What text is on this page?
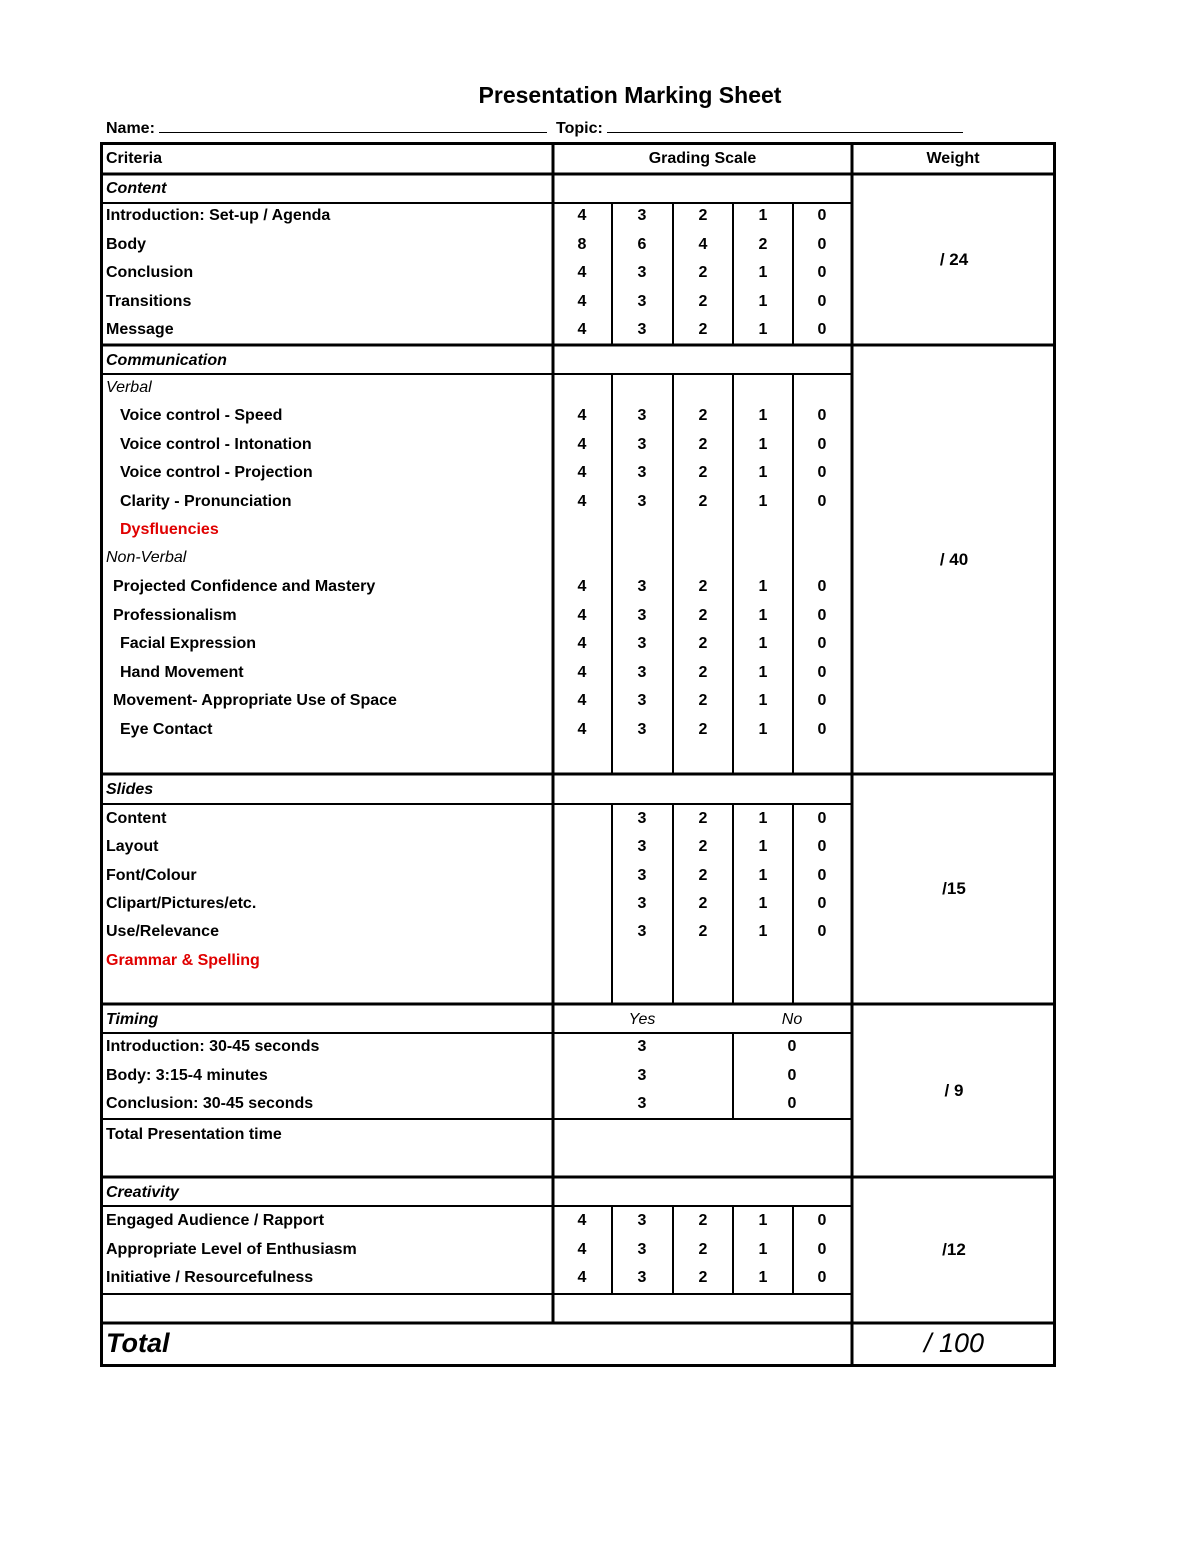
Presentation Marking Sheet
Name:	Topic:
Criteria	Grading Scale	Weight
Content
Introduction: Set-up / Agenda	4	3	2	1	0
Body	8	6	4	2	0
Conclusion	4	3	2	1	0
Transitions	4	3	2	1	0
Message	4	3	2	1	0
/ 24
Communication
Verbal
Voice control - Speed	4	3	2	1	0
Voice control - Intonation	4	3	2	1	0
Voice control - Projection	4	3	2	1	0
Clarity - Pronunciation	4	3	2	1	0
Dysfluencies
Non-Verbal
Projected Confidence and Mastery	4	3	2	1	0
Professionalism	4	3	2	1	0
Facial Expression	4	3	2	1	0
Hand Movement	4	3	2	1	0
Movement- Appropriate Use of Space	4	3	2	1	0
Eye Contact	4	3	2	1	0
/ 40
Slides
Content	3	2	1	0
Layout	3	2	1	0
Font/Colour	3	2	1	0
Clipart/Pictures/etc.	3	2	1	0
Use/Relevance	3	2	1	0
Grammar & Spelling
/15
Timing	Yes	No
Introduction: 30-45 seconds	3	0
Body: 3:15-4 minutes	3	0
Conclusion: 30-45 seconds	3	0
Total Presentation time
/ 9
Creativity
Engaged Audience / Rapport	4	3	2	1	0
Appropriate Level of Enthusiasm	4	3	2	1	0
Initiative / Resourcefulness	4	3	2	1	0
/12
Total	/ 100
